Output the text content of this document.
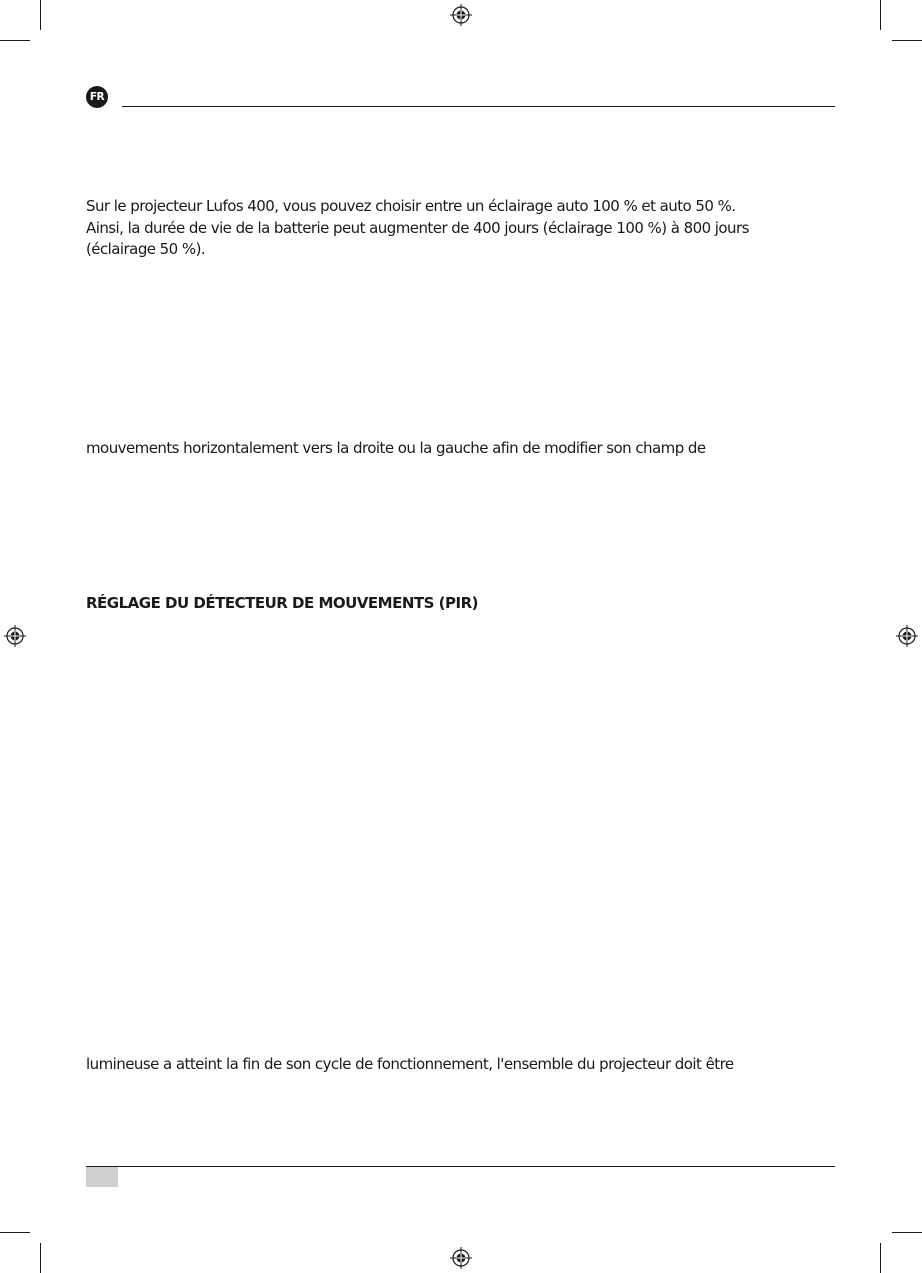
FR
Sur le projecteur Lufos 400, vous pouvez choisir entre un éclairage auto 100 % et auto 50 %.
Ainsi, la durée de vie de la batterie peut augmenter de 400 jours (éclairage 100 %) à 800 jours
(éclairage 50 %).
mouvements horizontalement vers la droite ou la gauche afin de modifier son champ de
RÉGLAGE DU DÉTECTEUR DE MOUVEMENTS (PIR)
lumineuse a atteint la fin de son cycle de fonctionnement, l'ensemble du projecteur doit être
